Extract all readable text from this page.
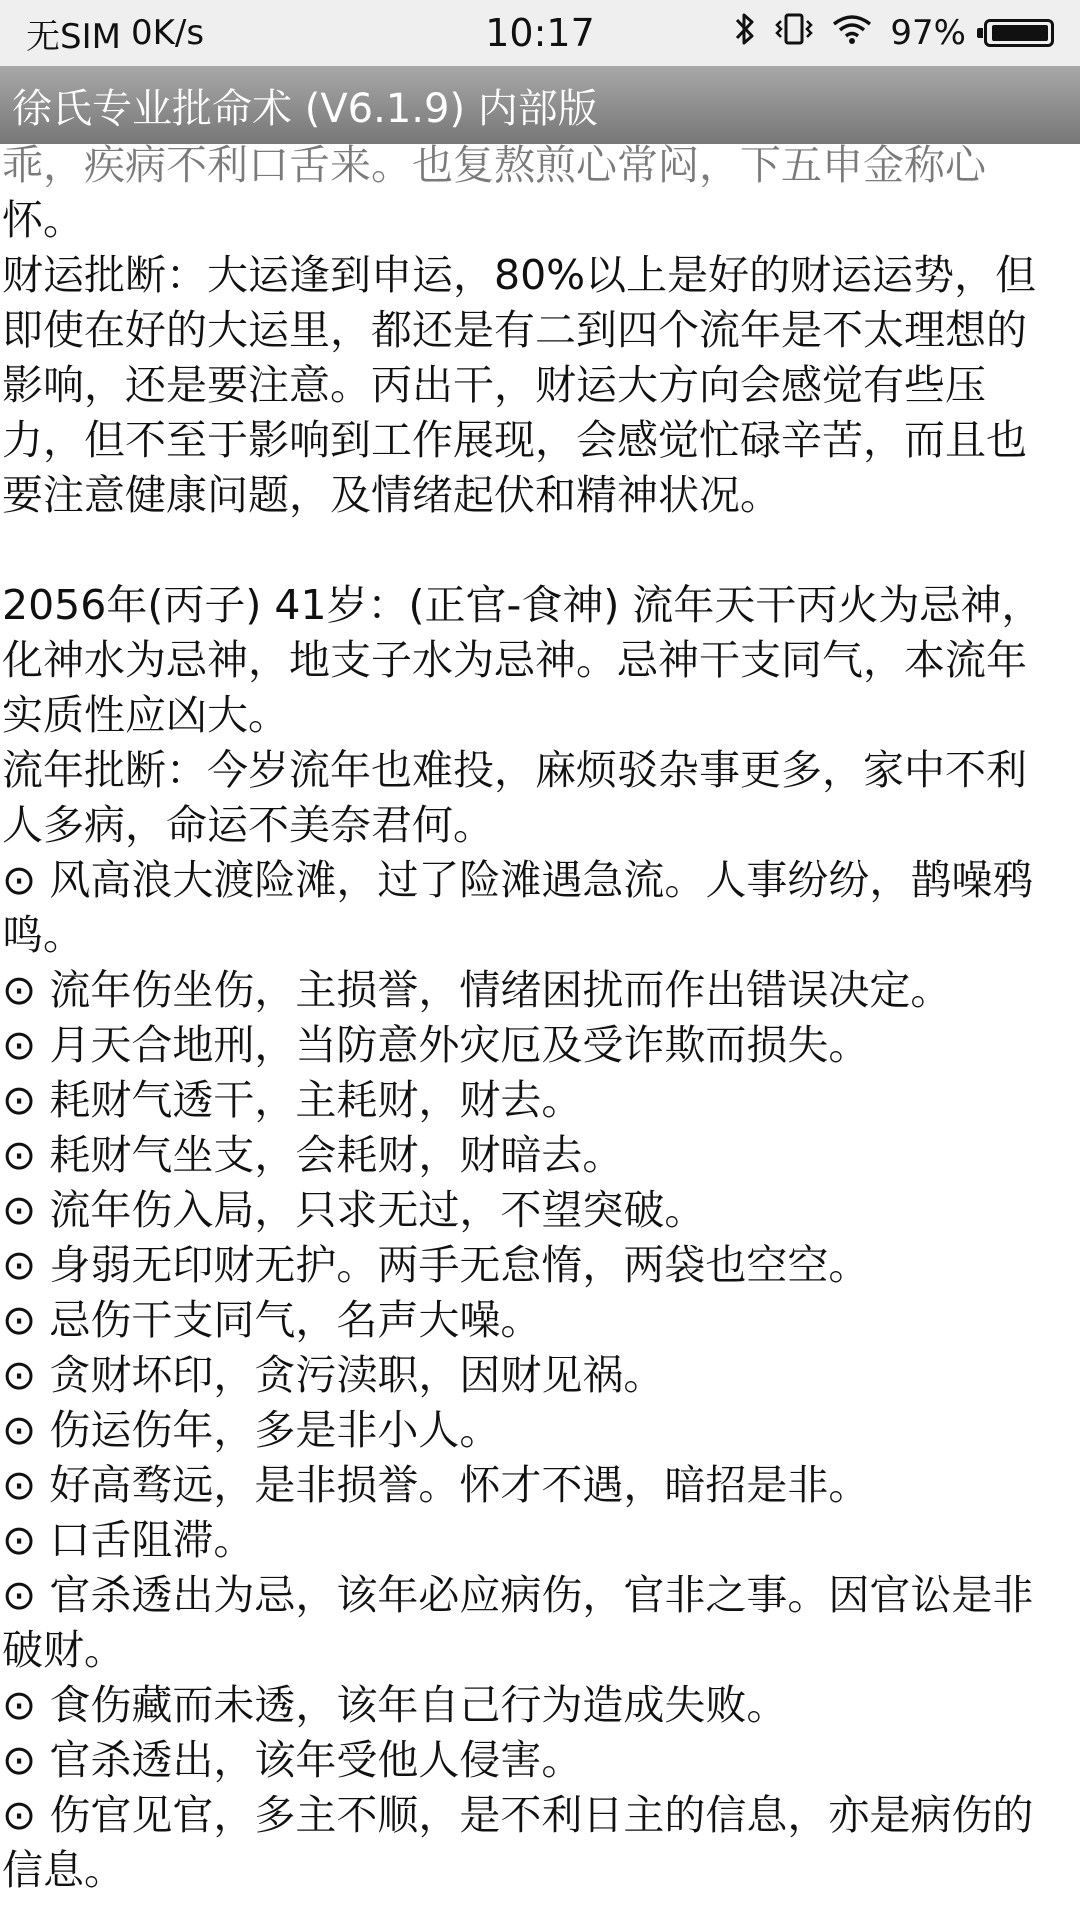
无SIM 0K/s	10:17	97%
徐氏专业批命术 (V6.1.9) 内部版
乖，疾病不利口舌来。也复熬煎心常闷，下五申金称心
怀。
财运批断：大运逢到申运，80%以上是好的财运运势，但
即使在好的大运里，都还是有二到四个流年是不太理想的
影响，还是要注意。丙出干，财运大方向会感觉有些压
力，但不至于影响到工作展现，会感觉忙碌辛苦，而且也
要注意健康问题，及情绪起伏和精神状况。
2056年(丙子) 41岁：(正官-食神) 流年天干丙火为忌神，
化神水为忌神，地支子水为忌神。忌神干支同气，本流年
实质性应凶大。
流年批断：今岁流年也难投，麻烦驳杂事更多，家中不利
人多病，命运不美奈君何。
⊙ 风高浪大渡险滩，过了险滩遇急流。人事纷纷，鹊噪鸦
鸣。
⊙ 流年伤坐伤，主损誉，情绪困扰而作出错误决定。
⊙ 月天合地刑，当防意外灾厄及受诈欺而损失。
⊙ 耗财气透干，主耗财，财去。
⊙ 耗财气坐支，会耗财，财暗去。
⊙ 流年伤入局，只求无过，不望突破。
⊙ 身弱无印财无护。两手无怠惰，两袋也空空。
⊙ 忌伤干支同气，名声大噪。
⊙ 贪财坏印，贪污渎职，因财见祸。
⊙ 伤运伤年，多是非小人。
⊙ 好高骛远，是非损誉。怀才不遇，暗招是非。
⊙ 口舌阻滞。
⊙ 官杀透出为忌，该年必应病伤，官非之事。因官讼是非
破财。
⊙ 食伤藏而未透，该年自己行为造成失败。
⊙ 官杀透出，该年受他人侵害。
⊙ 伤官见官，多主不顺，是不利日主的信息，亦是病伤的
信息。
